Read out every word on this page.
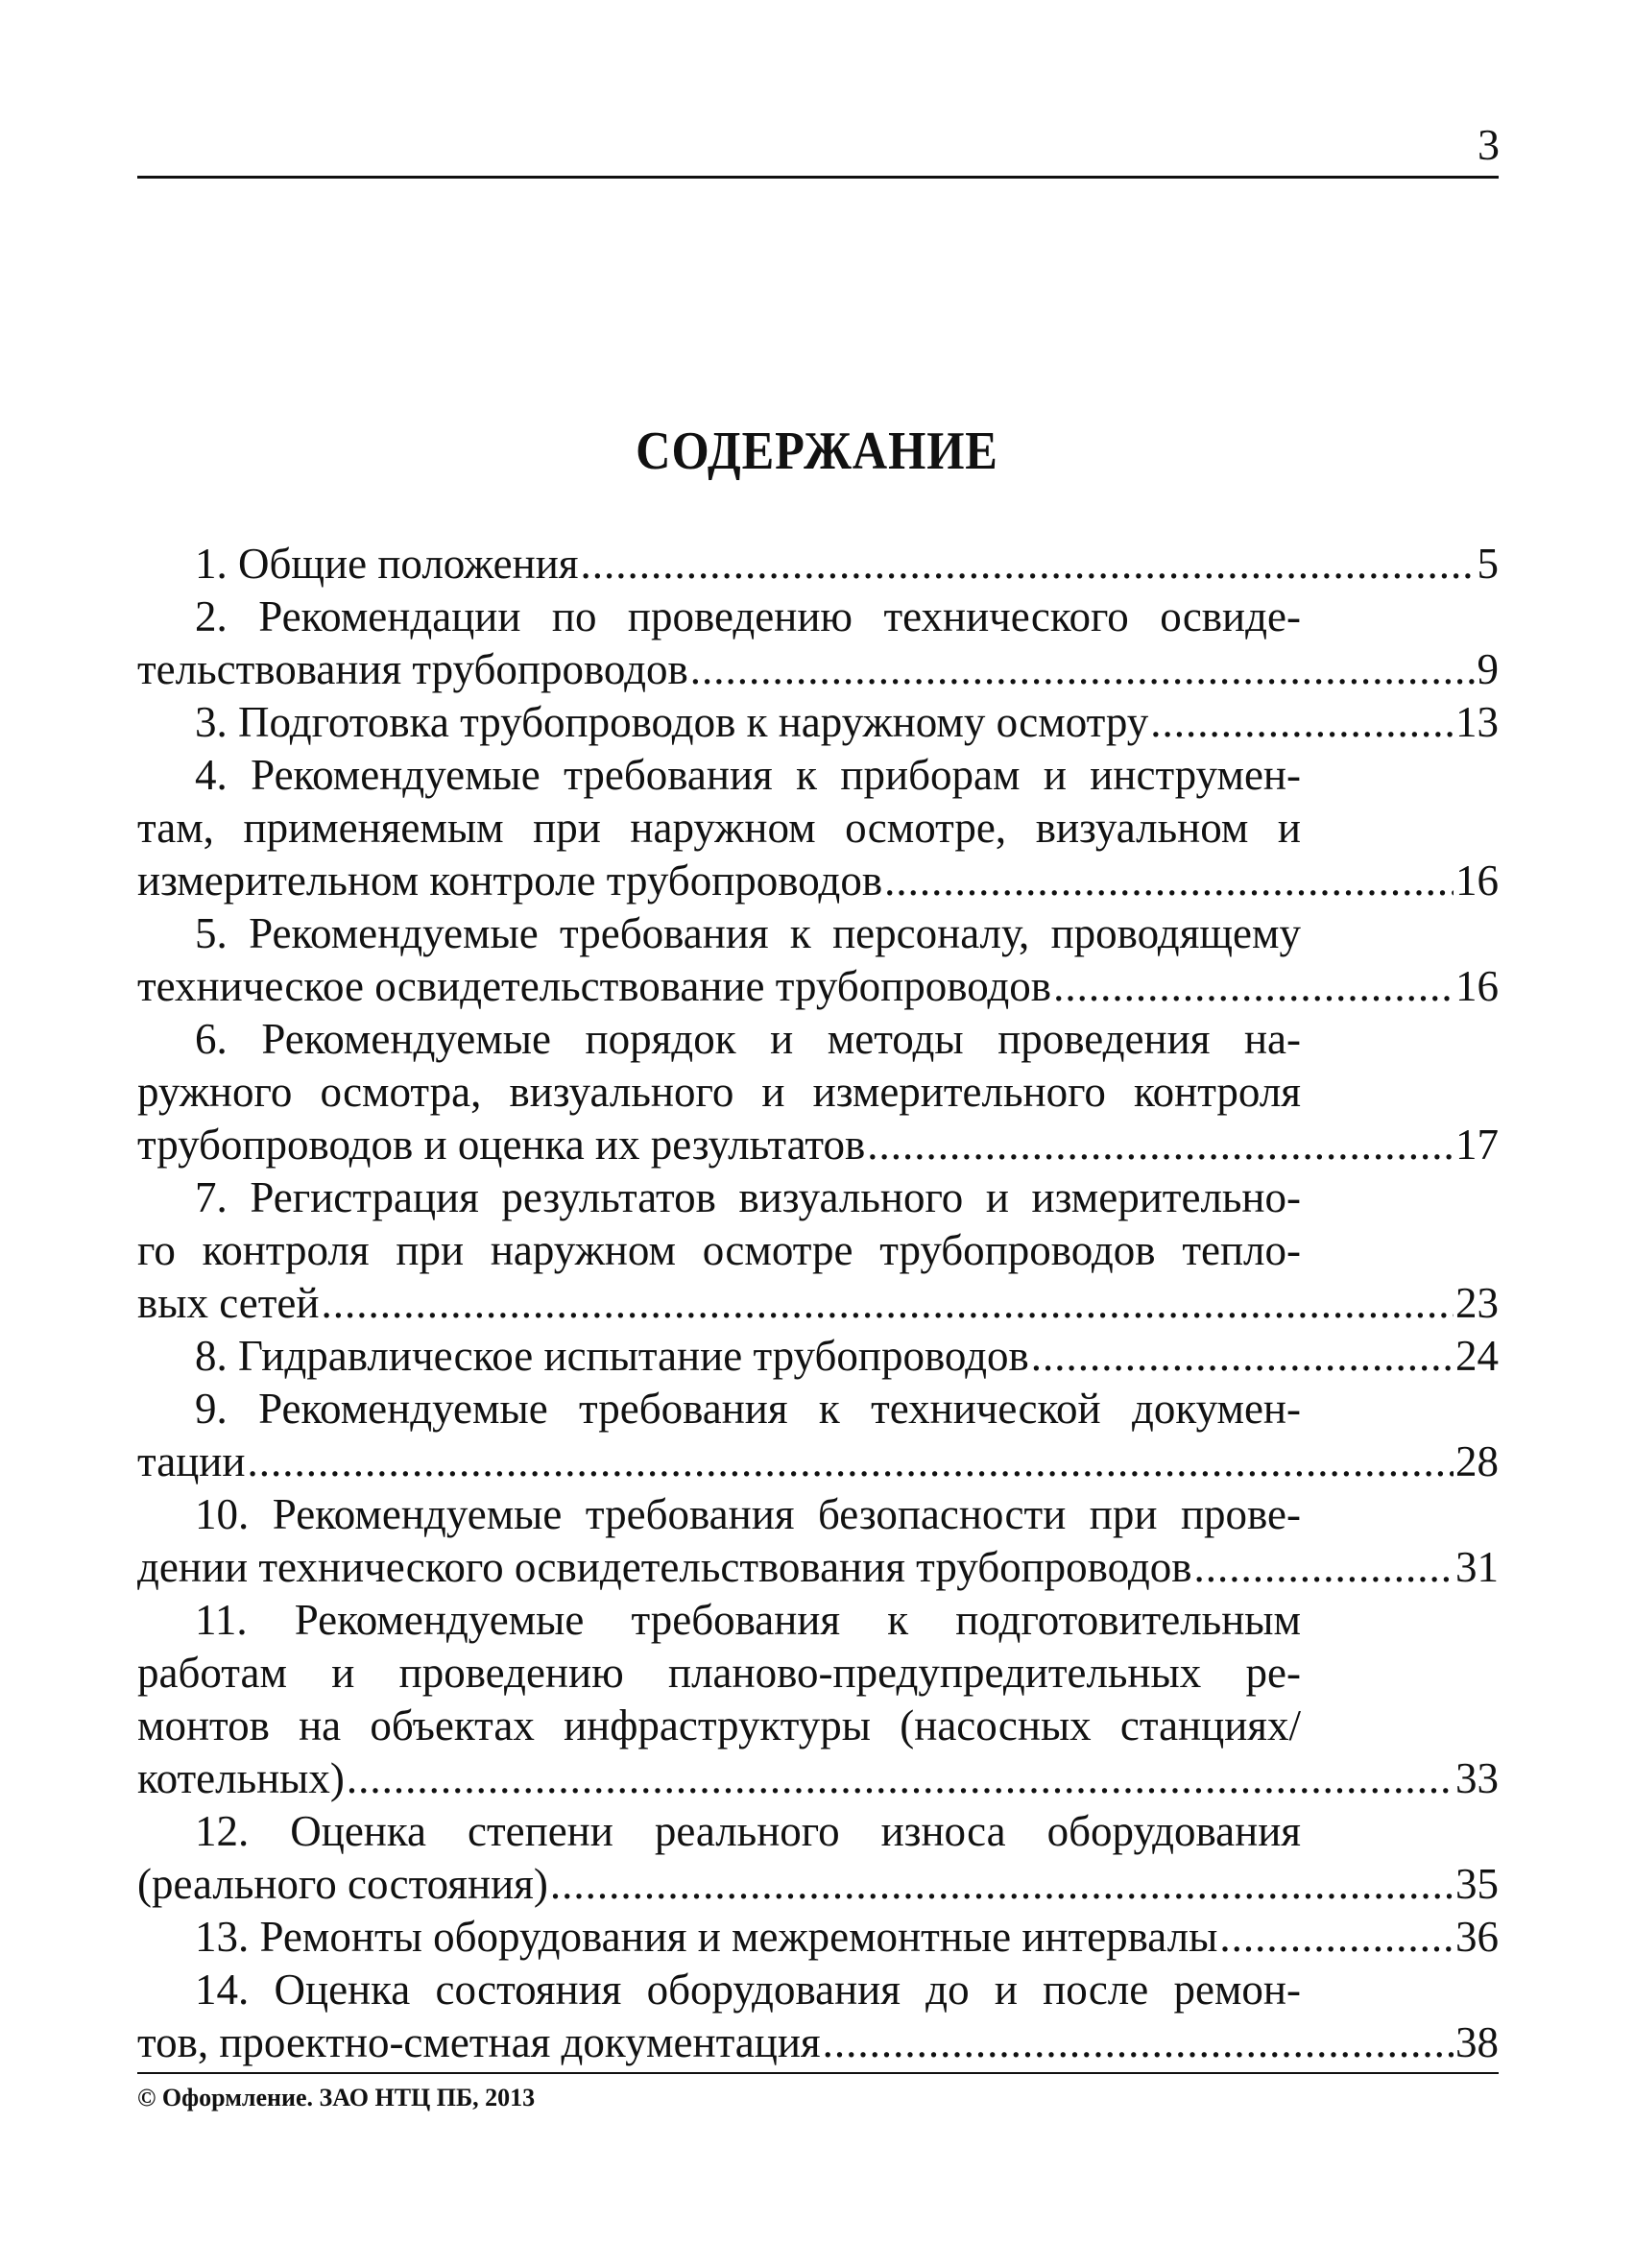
3
СОДЕРЖАНИЕ
1. Общие положения .....	5
2. Рекомендации по проведению технического освиде-
тельствования трубопроводов .....	9
3. Подготовка трубопроводов к наружному осмотру .....	13
4. Рекомендуемые требования к приборам и инструмен-
там, применяемым при наружном осмотре, визуальном и
измерительном контроле трубопроводов .....	16
5. Рекомендуемые требования к персоналу, проводящему
техническое освидетельствование трубопроводов .....	16
6. Рекомендуемые порядок и методы проведения на-
ружного осмотра, визуального и измерительного контроля
трубопроводов и оценка их результатов .....	17
7. Регистрация результатов визуального и измерительно-
го контроля при наружном осмотре трубопроводов тепло-
вых сетей .....	23
8. Гидравлическое испытание трубопроводов .....	24
9. Рекомендуемые требования к технической докумен-
тации .....	28
10. Рекомендуемые требования безопасности при прове-
дении технического освидетельствования трубопроводов .....	31
11. Рекомендуемые требования к подготовительным
работам и проведению планово-предупредительных ре-
монтов на объектах инфраструктуры (насосных станциях/
котельных) .....	33
12. Оценка степени реального износа оборудования
(реального состояния) .....	35
13. Ремонты оборудования и межремонтные интервалы .....	36
14. Оценка состояния оборудования до и после ремон-
тов, проектно-сметная документация .....	38
© Оформление. ЗАО НТЦ ПБ, 2013
